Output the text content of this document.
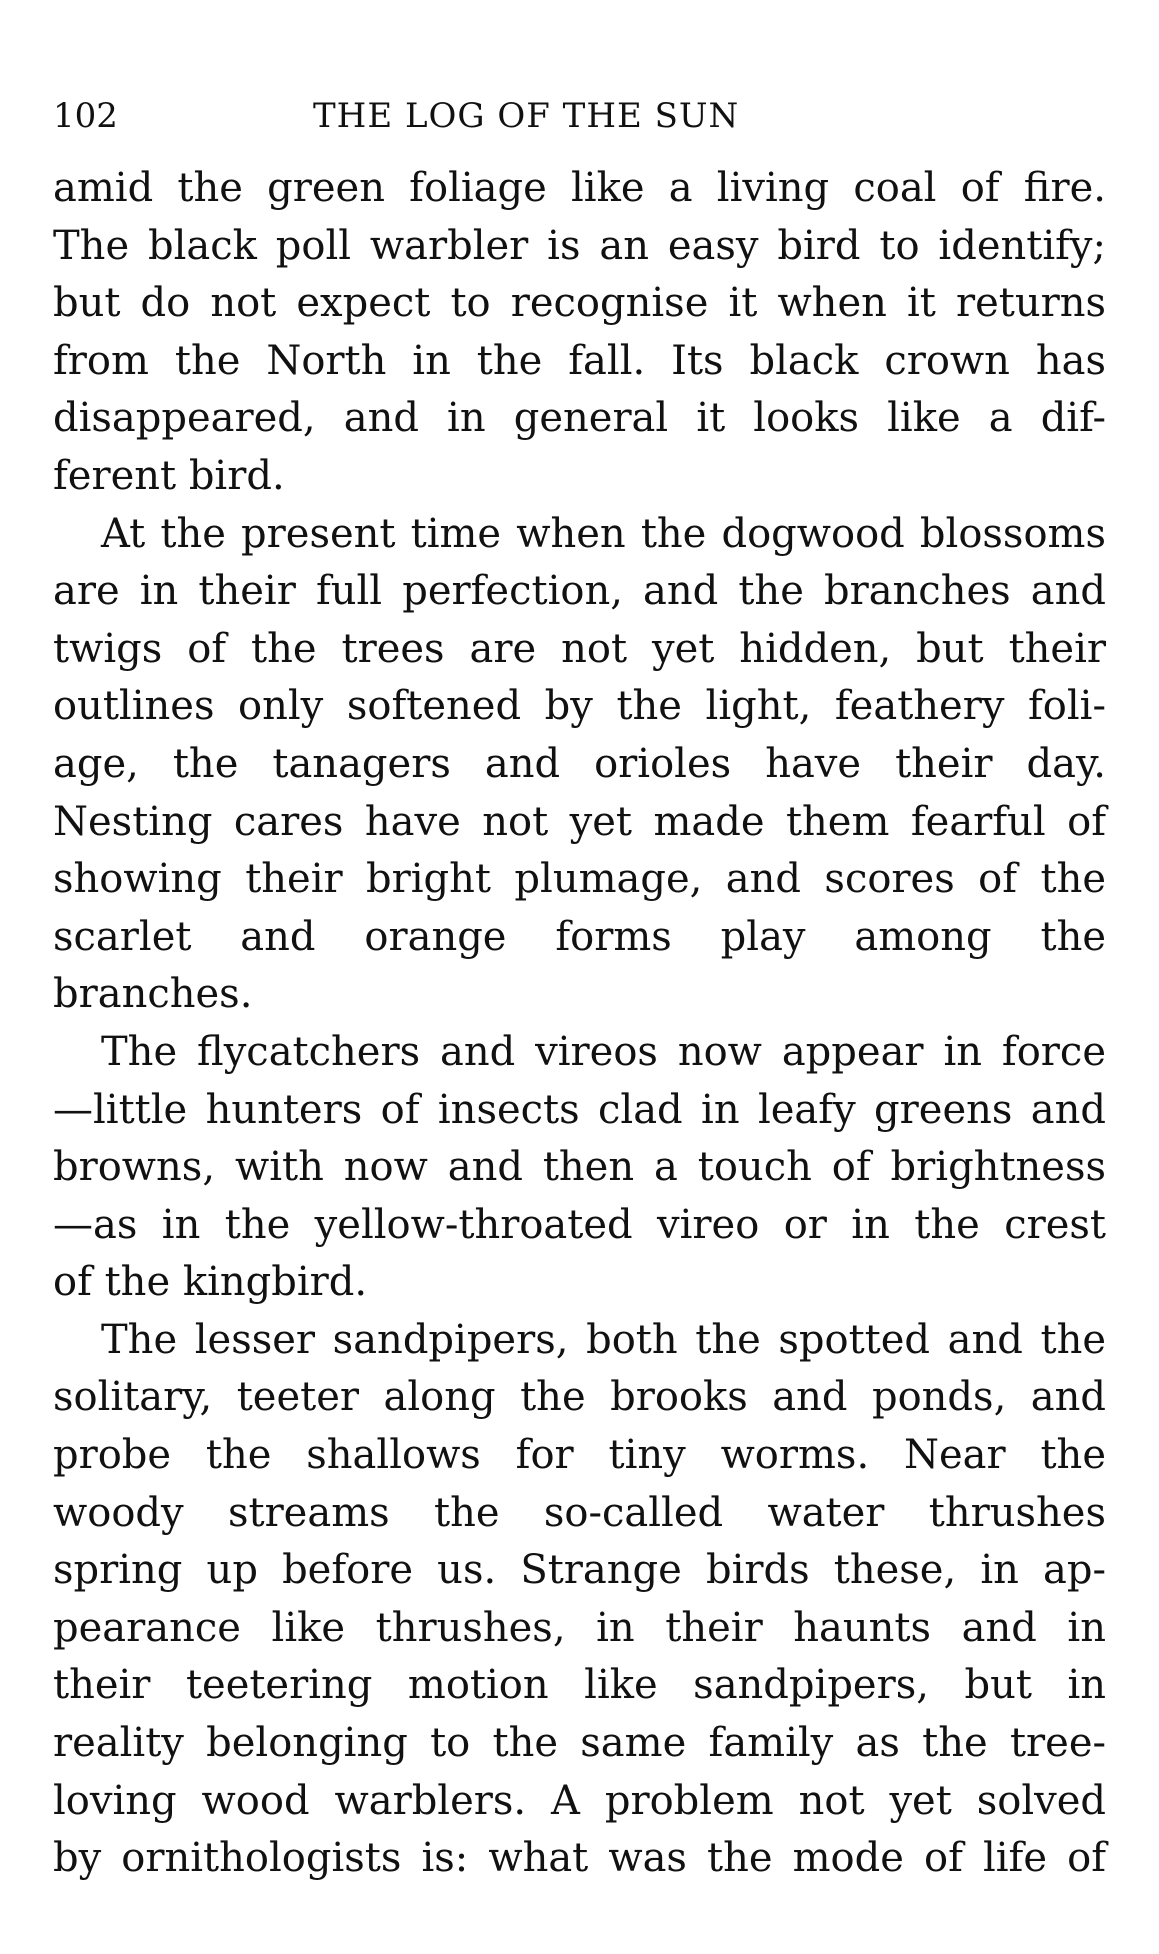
102	THE LOG OF THE SUN
amid the green foliage like a living coal of fire.
The black poll warbler is an easy bird to identify;
but do not expect to recognise it when it returns
from the North in the fall. Its black crown has
disappeared, and in general it looks like a dif-
ferent bird.
At the present time when the dogwood blossoms
are in their full perfection, and the branches and
twigs of the trees are not yet hidden, but their
outlines only softened by the light, feathery foli-
age, the tanagers and orioles have their day.
Nesting cares have not yet made them fearful of
showing their bright plumage, and scores of the
scarlet and orange forms play among the
branches.
The flycatchers and vireos now appear in force
—little hunters of insects clad in leafy greens and
browns, with now and then a touch of brightness
—as in the yellow-throated vireo or in the crest
of the kingbird.
The lesser sandpipers, both the spotted and the
solitary, teeter along the brooks and ponds, and
probe the shallows for tiny worms. Near the
woody streams the so-called water thrushes
spring up before us. Strange birds these, in ap-
pearance like thrushes, in their haunts and in
their teetering motion like sandpipers, but in
reality belonging to the same family as the tree-
loving wood warblers. A problem not yet solved
by ornithologists is: what was the mode of life of
